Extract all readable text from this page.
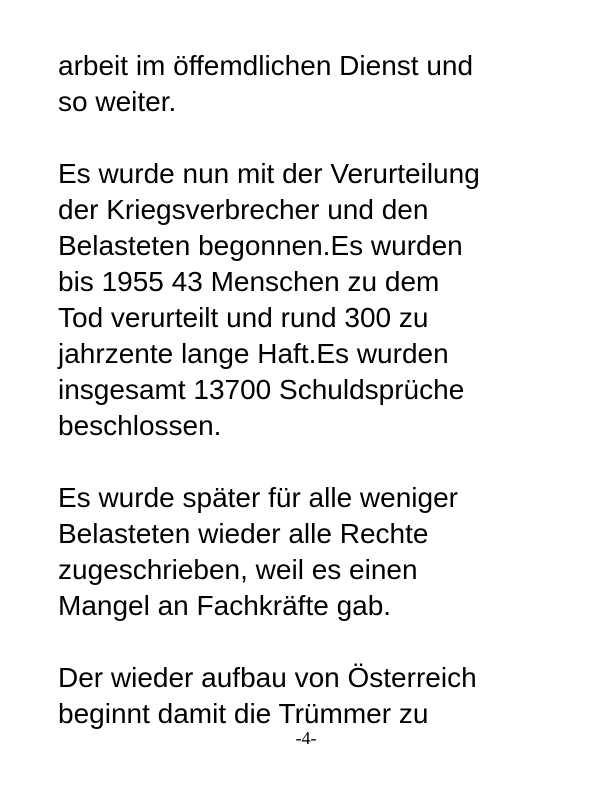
arbeit im öffemdlichen Dienst und
so weiter.

Es wurde nun mit der Verurteilung
der Kriegsverbrecher und den
Belasteten begonnen.Es wurden
bis 1955 43 Menschen zu dem
Tod verurteilt und rund 300 zu
jahrzente lange Haft.Es wurden
insgesamt 13700 Schuldsprüche
beschlossen.

Es wurde später für alle weniger
Belasteten wieder alle Rechte
zugeschrieben, weil es einen
Mangel an Fachkräfte gab.

Der wieder aufbau von Österreich
beginnt damit die Trümmer zu

-4-
